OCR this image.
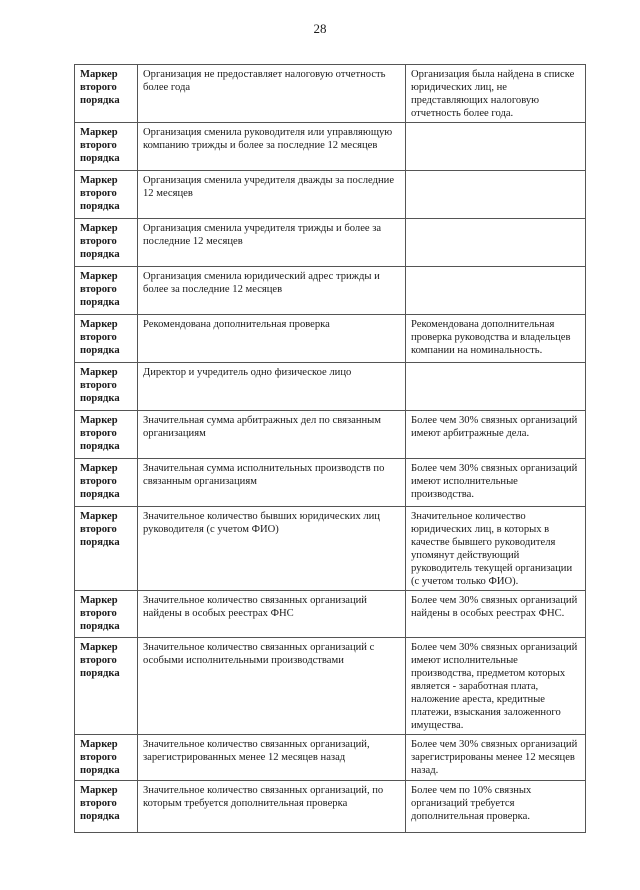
28
Маркер второго порядка	Организация не предоставляет налоговую отчетность более года	Организация была найдена в списке юридических лиц, не представляющих налоговую отчетность более года.
Маркер второго порядка	Организация сменила руководителя или управляющую компанию трижды и более за последние 12 месяцев	
Маркер второго порядка	Организация сменила учредителя дважды за последние 12 месяцев	
Маркер второго порядка	Организация сменила учредителя трижды и более за последние 12 месяцев	
Маркер второго порядка	Организация сменила юридический адрес трижды и более за последние 12 месяцев	
Маркер второго порядка	Рекомендована дополнительная проверка	Рекомендована дополнительная проверка руководства и владельцев компании на номинальность.
Маркер второго порядка	Директор и учредитель одно физическое лицо	
Маркер второго порядка	Значительная сумма арбитражных дел по связанным организациям	Более чем 30% связных организаций имеют арбитражные дела.
Маркер второго порядка	Значительная сумма исполнительных производств по связанным организациям	Более чем 30% связных организаций имеют исполнительные производства.
Маркер второго порядка	Значительное количество бывших юридических лиц руководителя (с учетом ФИО)	Значительное количество юридических лиц, в которых в качестве бывшего руководителя упомянут действующий руководитель текущей организации (с учетом только ФИО).
Маркер второго порядка	Значительное количество связанных организаций найдены в особых реестрах ФНС	Более чем 30% связных организаций найдены в особых реестрах ФНС.
Маркер второго порядка	Значительное количество связанных организаций с особыми исполнительными производствами	Более чем 30% связных организаций имеют исполнительные производства, предметом которых является - заработная плата, наложение ареста, кредитные платежи, взыскания заложенного имущества.
Маркер второго порядка	Значительное количество связанных организаций, зарегистрированных менее 12 месяцев назад	Более чем 30% связных организаций зарегистрированы менее 12 месяцев назад.
Маркер второго порядка	Значительное количество связанных организаций, по которым требуется дополнительная проверка	Более чем по 10% связных организаций требуется дополнительная проверка.
